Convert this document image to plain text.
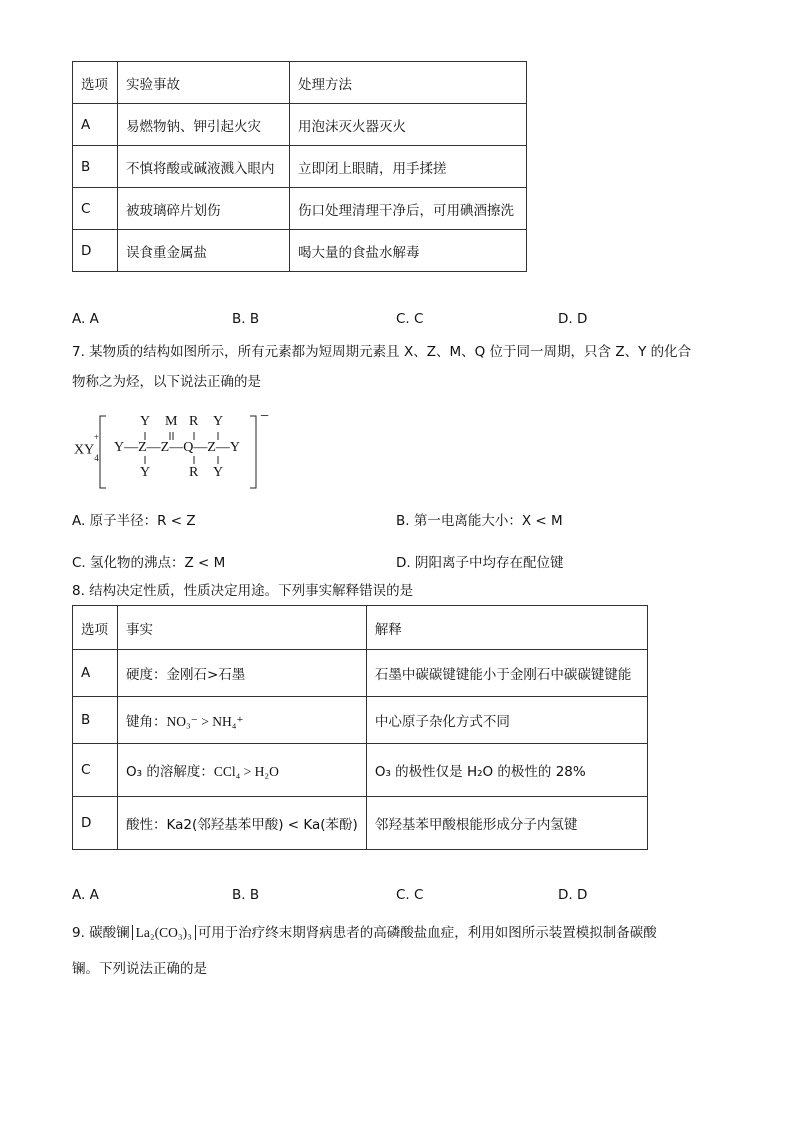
选项	实验事故	处理方法
A	易燃物钠、钾引起火灾	用泡沫灭火器灭火
B	不慎将酸或碱液溅入眼内	立即闭上眼睛，用手揉搓
C	被玻璃碎片划伤	伤口处理清理干净后，可用碘酒擦洗
D	误食重金属盐	喝大量的食盐水解毒
A. A	B. B	C. C	D. D
7. 某物质的结构如图所示，所有元素都为短周期元素且 X、Z、M、Q 位于同一周期，只含 Z、Y 的化合
物称之为烃，以下说法正确的是
$XY_4^+$
Y M R Y
Y—Z—Z—Q—Z—Y
Y	R Y
−
A. 原子半径：R < Z	B. 第一电离能大小：X < M
C. 氢化物的沸点：Z < M	D. 阴阳离子中均存在配位键
8. 结构决定性质，性质决定用途。下列事实解释错误的是
选项	事实	解释
A	硬度：金刚石>石墨	石墨中碳碳键键能小于金刚石中碳碳键键能
B	键角：NO₃⁻ > NH₄⁺	中心原子杂化方式不同
C	O₃ 的溶解度：CCl₄ > H₂O	O₃ 的极性仅是 H₂O 的极性的 28%
D	酸性：Ka2(邻羟基苯甲酸) < Ka(苯酚)	邻羟基苯甲酸根能形成分子内氢键
A. A	B. B	C. C	D. D
9. 碳酸镧 La₂(CO₃)₃ 可用于治疗终末期肾病患者的高磷酸盐血症，利用如图所示装置模拟制备碳酸
镧。下列说法正确的是
